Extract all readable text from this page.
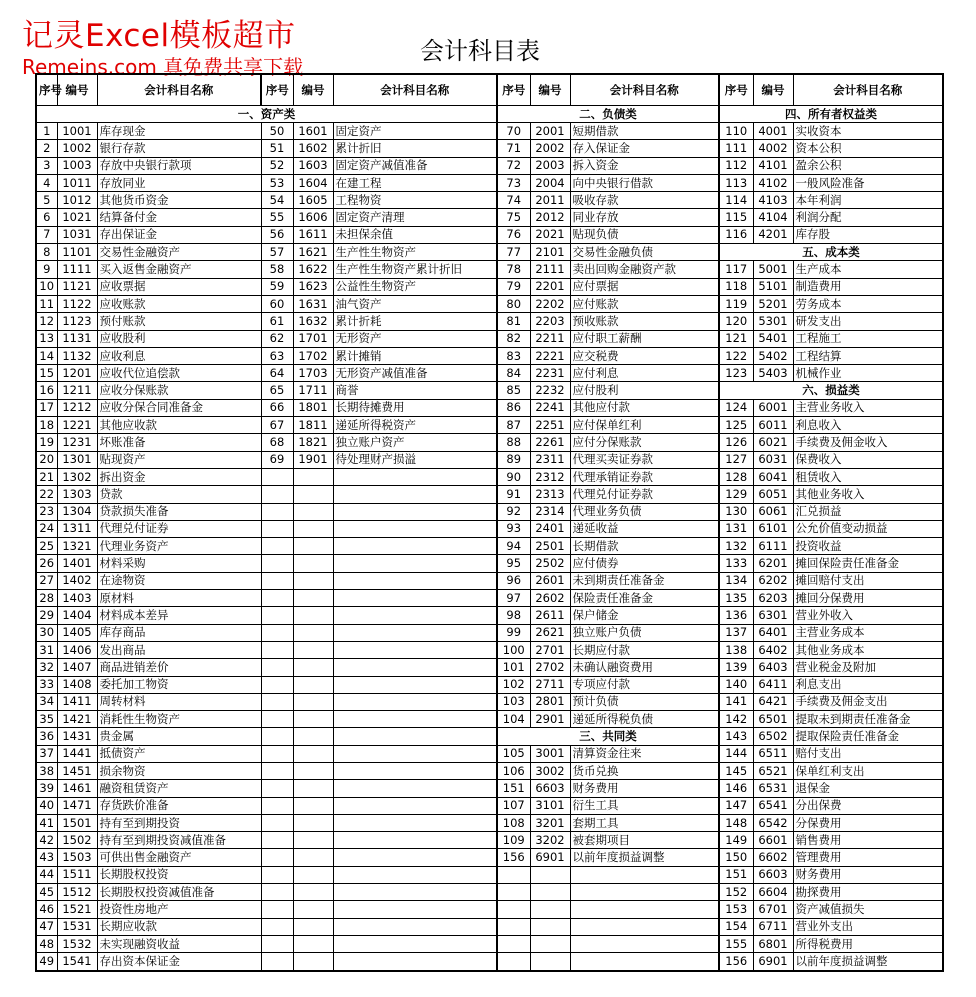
记灵Excel模板超市
Remeins.com 真免费共享下载
会计科目表
序号	编号	会计科目名称	序号	编号	会计科目名称	序号	编号	会计科目名称	序号	编号	会计科目名称
一、资产类						二、负债类			四、所有者权益类		
1	1001	库存现金	50	1601	固定资产	70	2001	短期借款	110	4001	实收资本
2	1002	银行存款	51	1602	累计折旧	71	2002	存入保证金	111	4002	资本公积
3	1003	存放中央银行款项	52	1603	固定资产减值准备	72	2003	拆入资金	112	4101	盈余公积
4	1011	存放同业	53	1604	在建工程	73	2004	向中央银行借款	113	4102	一般风险准备
5	1012	其他货币资金	54	1605	工程物资	74	2011	吸收存款	114	4103	本年利润
6	1021	结算备付金	55	1606	固定资产清理	75	2012	同业存放	115	4104	利润分配
7	1031	存出保证金	56	1611	未担保余值	76	2021	贴现负债	116	4201	库存股
8	1101	交易性金融资产	57	1621	生产性生物资产	77	2101	交易性金融负债	五、成本类		
9	1111	买入返售金融资产	58	1622	生产性生物资产累计折旧	78	2111	卖出回购金融资产款	117	5001	生产成本
10	1121	应收票据	59	1623	公益性生物资产	79	2201	应付票据	118	5101	制造费用
11	1122	应收账款	60	1631	油气资产	80	2202	应付账款	119	5201	劳务成本
12	1123	预付账款	61	1632	累计折耗	81	2203	预收账款	120	5301	研发支出
13	1131	应收股利	62	1701	无形资产	82	2211	应付职工薪酬	121	5401	工程施工
14	1132	应收利息	63	1702	累计摊销	83	2221	应交税费	122	5402	工程结算
15	1201	应收代位追偿款	64	1703	无形资产减值准备	84	2231	应付利息	123	5403	机械作业
16	1211	应收分保账款	65	1711	商誉	85	2232	应付股利	六、损益类		
17	1212	应收分保合同准备金	66	1801	长期待摊费用	86	2241	其他应付款	124	6001	主营业务收入
18	1221	其他应收款	67	1811	递延所得税资产	87	2251	应付保单红利	125	6011	利息收入
19	1231	坏账准备	68	1821	独立账户资产	88	2261	应付分保账款	126	6021	手续费及佣金收入
20	1301	贴现资产	69	1901	待处理财产损溢	89	2311	代理买卖证券款	127	6031	保费收入
21	1302	拆出资金				90	2312	代理承销证券款	128	6041	租赁收入
22	1303	贷款				91	2313	代理兑付证券款	129	6051	其他业务收入
23	1304	贷款损失准备				92	2314	代理业务负债	130	6061	汇兑损益
24	1311	代理兑付证券				93	2401	递延收益	131	6101	公允价值变动损益
25	1321	代理业务资产				94	2501	长期借款	132	6111	投资收益
26	1401	材料采购				95	2502	应付债券	133	6201	摊回保险责任准备金
27	1402	在途物资				96	2601	未到期责任准备金	134	6202	摊回赔付支出
28	1403	原材料				97	2602	保险责任准备金	135	6203	摊回分保费用
29	1404	材料成本差异				98	2611	保户储金	136	6301	营业外收入
30	1405	库存商品				99	2621	独立账户负债	137	6401	主营业务成本
31	1406	发出商品				100	2701	长期应付款	138	6402	其他业务成本
32	1407	商品进销差价				101	2702	未确认融资费用	139	6403	营业税金及附加
33	1408	委托加工物资				102	2711	专项应付款	140	6411	利息支出
34	1411	周转材料				103	2801	预计负债	141	6421	手续费及佣金支出
35	1421	消耗性生物资产				104	2901	递延所得税负债	142	6501	提取未到期责任准备金
36	1431	贵金属				三、共同类			143	6502	提取保险责任准备金
37	1441	抵债资产				105	3001	清算资金往来	144	6511	赔付支出
38	1451	损余物资				106	3002	货币兑换	145	6521	保单红利支出
39	1461	融资租赁资产				151	6603	财务费用	146	6531	退保金
40	1471	存货跌价准备				107	3101	衍生工具	147	6541	分出保费
41	1501	持有至到期投资				108	3201	套期工具	148	6542	分保费用
42	1502	持有至到期投资减值准备				109	3202	被套期项目	149	6601	销售费用
43	1503	可供出售金融资产				156	6901	以前年度损益调整	150	6602	管理费用
44	1511	长期股权投资							151	6603	财务费用
45	1512	长期股权投资减值准备							152	6604	勘探费用
46	1521	投资性房地产							153	6701	资产减值损失
47	1531	长期应收款							154	6711	营业外支出
48	1532	未实现融资收益							155	6801	所得税费用
49	1541	存出资本保证金							156	6901	以前年度损益调整
